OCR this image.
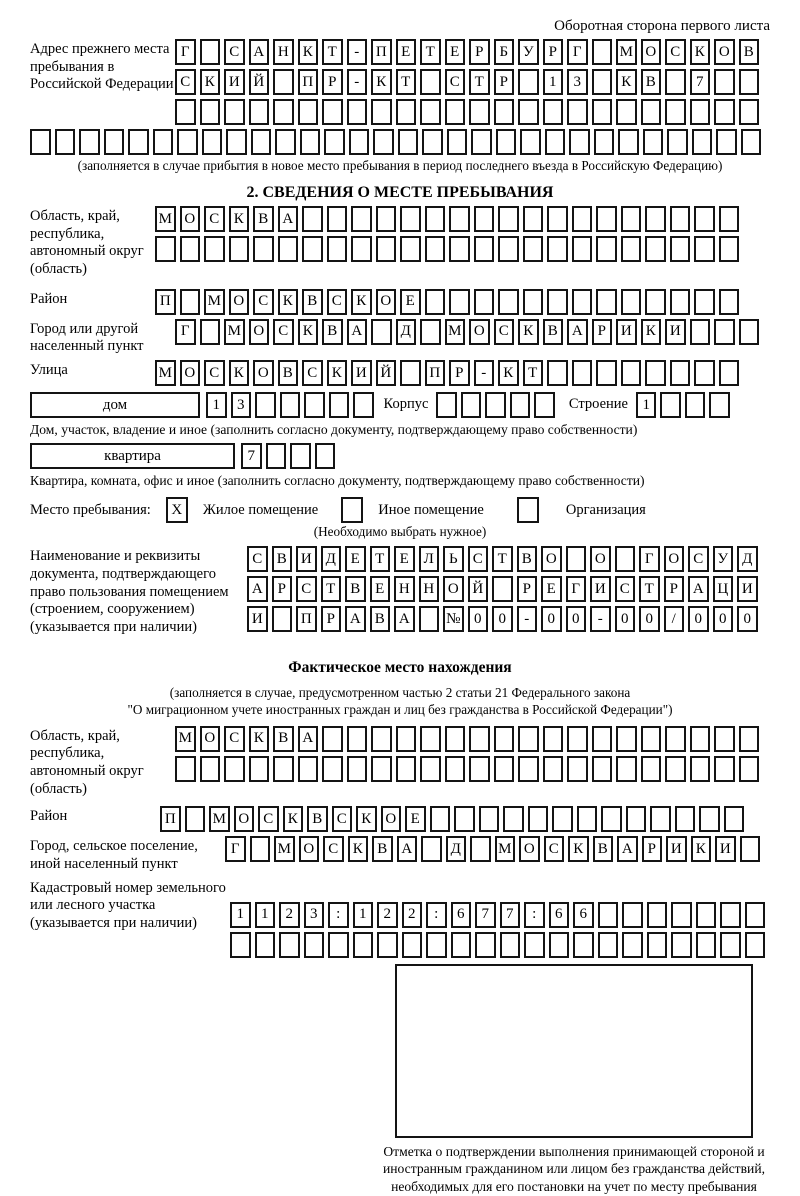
Оборотная сторона первого листа
Адрес прежнего места пребывания в Российской Федерации
Г	С А Н К Т	-	П Е	Т	Е	Р	Б У	Р	Г	М О С К О В
С К И Й	П Р	-	К Т	С Т	Р	1	3	К В	7
(заполняется в случае прибытия в новое место пребывания в период последнего въезда в Российскую Федерацию)
2. СВЕДЕНИЯ О МЕСТЕ ПРЕБЫВАНИЯ
Область, край, республика, автономный округ (область)
М О С К В А
Район	П	М О С К В С К О Е
Город или другой населенный пункт
Г	М О С К В А	Д	М О С К В А Р И К И
Улица	М О С К О В С К И Й	П Р	-	К Т
дом	1	3	Корпус	Строение 1
Дом, участок, владение и иное (заполнить согласно документу, подтверждающему право собственности)
квартира	7
Квартира, комната, офис и иное (заполнить согласно документу, подтверждающему право собственности)
Место пребывания:	X	Жилое помещение	Иное помещение	Организация
(Необходимо выбрать нужное)
Наименование и реквизиты документа, подтверждающего право пользования помещением (строением, сооружением) (указывается при наличии)
С В И Д Е	Т	Е Л	Ь	С Т В О	О	Г О С У Д
А Р	С Т В Е Н Н О Й	Р	Е	Г И С Т	Р А Ц И
И	П Р А В А	№ 0	0	-	0	0	-	0	0	/	0	0	0
Фактическое место нахождения
(заполняется в случае, предусмотренном частью 2 статьи 21 Федерального закона
"О миграционном учете иностранных граждан и лиц без гражданства в Российской Федерации")
Область, край, республика, автономный округ (область)
М О С К В А
Район	П	М О С К В С К О Е
Город, сельское поселение, иной населенный пункт
Г	М О С К В А	Д	М О С К В А Р И К И
Кадастровый номер земельного или лесного участка (указывается при наличии)
1	1	2	3	:	1	2	2	:	6	7	7	:	6	6
Отметка о подтверждении выполнения принимающей стороной и иностранным гражданином или лицом без гражданства действий, необходимых для его постановки на учет по месту пребывания
